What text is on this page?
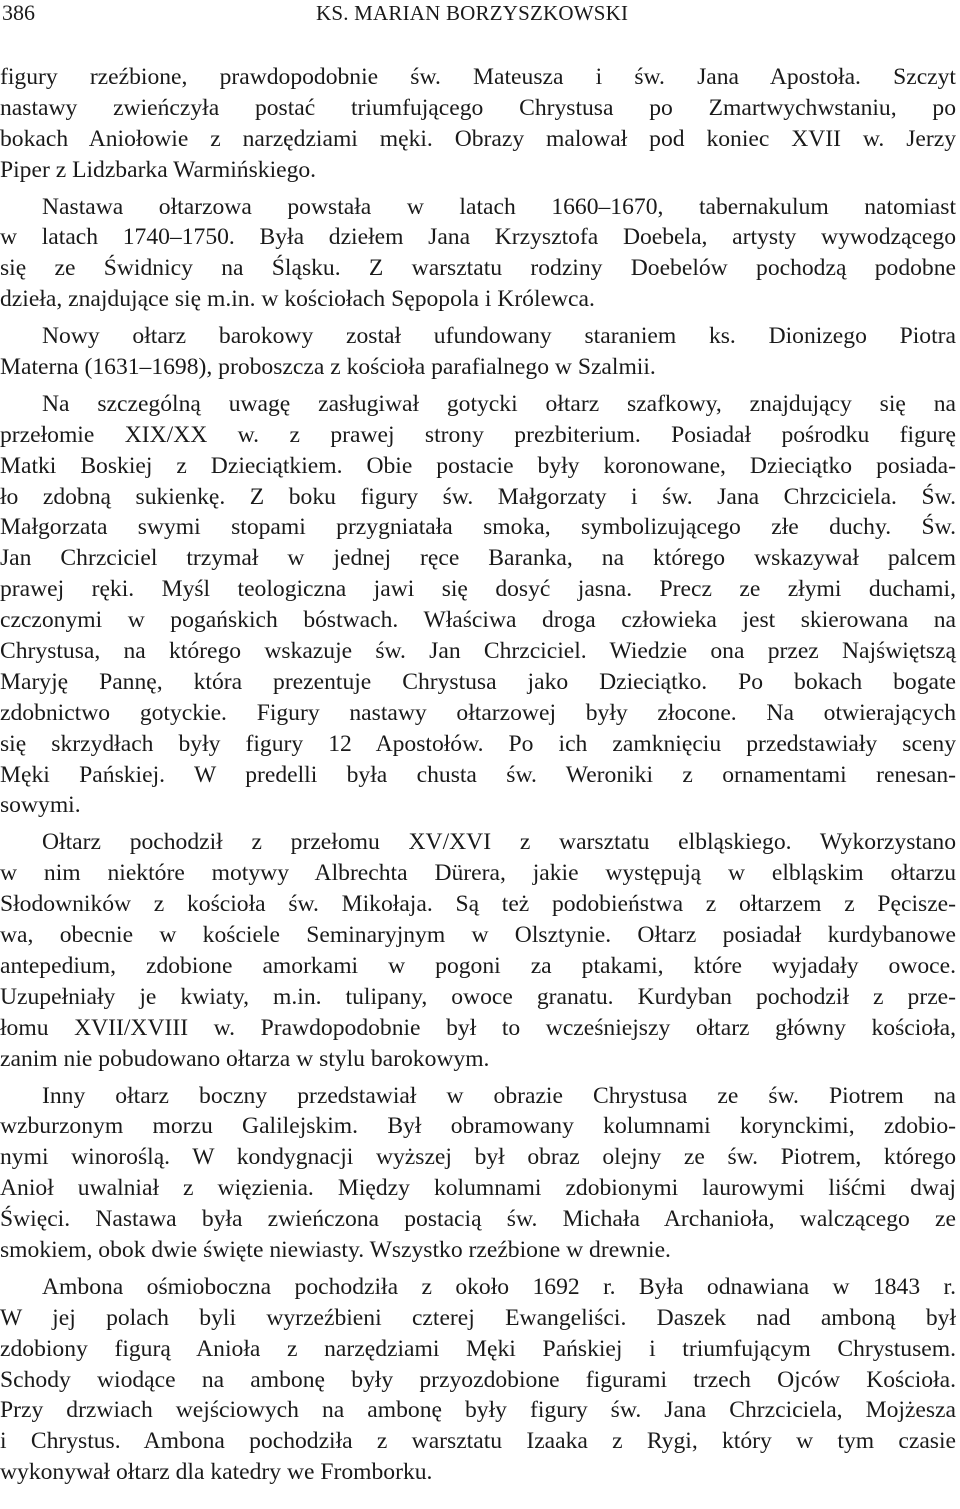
386	KS. MARIAN BORZYSZKOWSKI
figury rzeźbione, prawdopodobnie św. Mateusza i św. Jana Apostoła. Szczyt
nastawy zwieńczyła postać triumfującego Chrystusa po Zmartwychwstaniu, po
bokach Aniołowie z narzędziami męki. Obrazy malował pod koniec XVII w. Jerzy
Piper z Lidzbarka Warmińskiego.
Nastawa ołtarzowa powstała w latach 1660–1670, tabernakulum natomiast
w latach 1740–1750. Była dziełem Jana Krzysztofa Doebela, artysty wywodzącego
się ze Świdnicy na Śląsku. Z warsztatu rodziny Doebelów pochodzą podobne
dzieła, znajdujące się m.in. w kościołach Sępopola i Królewca.
Nowy ołtarz barokowy został ufundowany staraniem ks. Dionizego Piotra
Materna (1631–1698), proboszcza z kościoła parafialnego w Szalmii.
Na szczególną uwagę zasługiwał gotycki ołtarz szafkowy, znajdujący się na
przełomie XIX/XX w. z prawej strony prezbiterium. Posiadał pośrodku figurę
Matki Boskiej z Dzieciątkiem. Obie postacie były koronowane, Dzieciątko posiada-
ło zdobną sukienkę. Z boku figury św. Małgorzaty i św. Jana Chrzciciela. Św.
Małgorzata swymi stopami przygniatała smoka, symbolizującego złe duchy. Św.
Jan Chrzciciel trzymał w jednej ręce Baranka, na którego wskazywał palcem
prawej ręki. Myśl teologiczna jawi się dosyć jasna. Precz ze złymi duchami,
czczonymi w pogańskich bóstwach. Właściwa droga człowieka jest skierowana na
Chrystusa, na którego wskazuje św. Jan Chrzciciel. Wiedzie ona przez Najświętszą
Maryję Pannę, która prezentuje Chrystusa jako Dzieciątko. Po bokach bogate
zdobnictwo gotyckie. Figury nastawy ołtarzowej były złocone. Na otwierających
się skrzydłach były figury 12 Apostołów. Po ich zamknięciu przedstawiały sceny
Męki Pańskiej. W predelli była chusta św. Weroniki z ornamentami renesan-
sowymi.
Ołtarz pochodził z przełomu XV/XVI z warsztatu elbląskiego. Wykorzystano
w nim niektóre motywy Albrechta Dürera, jakie występują w elbląskim ołtarzu
Słodowników z kościoła św. Mikołaja. Są też podobieństwa z ołtarzem z Pęcisze-
wa, obecnie w kościele Seminaryjnym w Olsztynie. Ołtarz posiadał kurdybanowe
antepedium, zdobione amorkami w pogoni za ptakami, które wyjadały owoce.
Uzupełniały je kwiaty, m.in. tulipany, owoce granatu. Kurdyban pochodził z prze-
łomu XVII/XVIII w. Prawdopodobnie był to wcześniejszy ołtarz główny kościoła,
zanim nie pobudowano ołtarza w stylu barokowym.
Inny ołtarz boczny przedstawiał w obrazie Chrystusa ze św. Piotrem na
wzburzonym morzu Galilejskim. Był obramowany kolumnami korynckimi, zdobio-
nymi winoroślą. W kondygnacji wyższej był obraz olejny ze św. Piotrem, którego
Anioł uwalniał z więzienia. Między kolumnami zdobionymi laurowymi liśćmi dwaj
Święci. Nastawa była zwieńczona postacią św. Michała Archanioła, walczącego ze
smokiem, obok dwie święte niewiasty. Wszystko rzeźbione w drewnie.
Ambona ośmioboczna pochodziła z około 1692 r. Była odnawiana w 1843 r.
W jej polach byli wyrzeźbieni czterej Ewangeliści. Daszek nad amboną był
zdobiony figurą Anioła z narzędziami Męki Pańskiej i triumfującym Chrystusem.
Schody wiodące na ambonę były przyozdobione figurami trzech Ojców Kościoła.
Przy drzwiach wejściowych na ambonę były figury św. Jana Chrzciciela, Mojżesza
i Chrystus. Ambona pochodziła z warsztatu Izaaka z Rygi, który w tym czasie
wykonywał ołtarz dla katedry we Fromborku.
